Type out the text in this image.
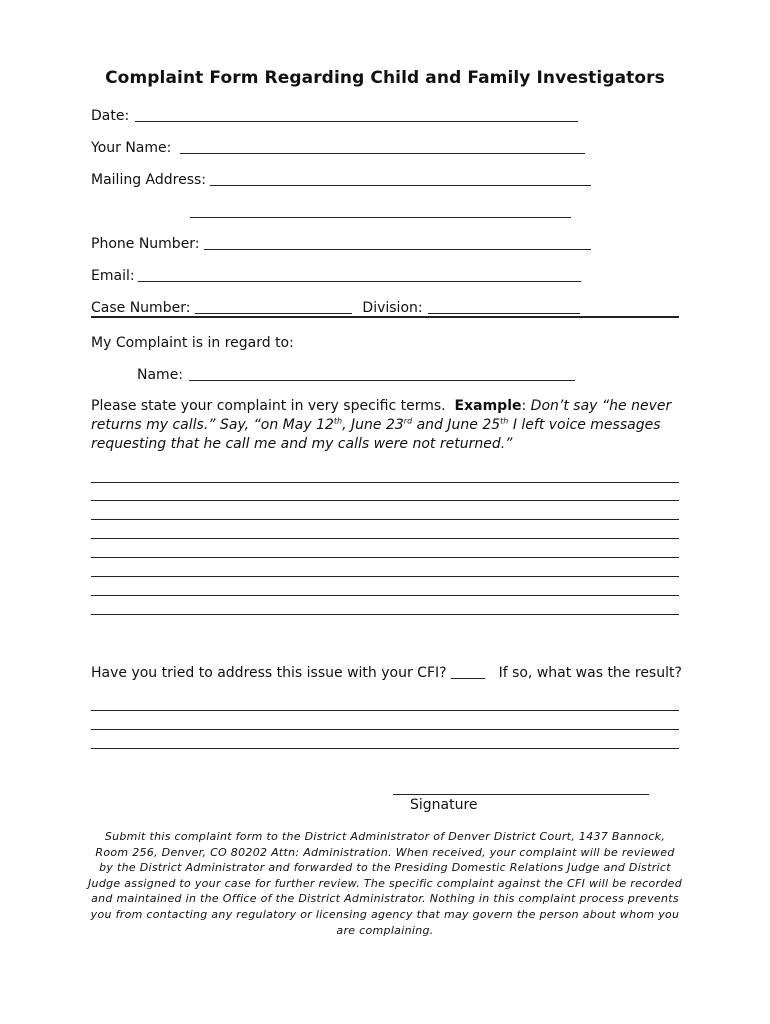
Complaint Form Regarding Child and Family Investigators
Date:
Your Name:
Mailing Address:
Phone Number:
Email:
Case Number:	Division:
My Complaint is in regard to:
Name:
Please state your complaint in very specific terms. Example: Don’t say “he never returns my calls.” Say, “on May 12th, June 23rd and June 25th I left voice messages requesting that he call me and my calls were not returned.”
Have you tried to address this issue with your CFI?	If so, what was the result?
Signature
Submit this complaint form to the District Administrator of Denver District Court, 1437 Bannock, Room 256, Denver, CO 80202 Attn: Administration. When received, your complaint will be reviewed by the District Administrator and forwarded to the Presiding Domestic Relations Judge and District Judge assigned to your case for further review. The specific complaint against the CFI will be recorded and maintained in the Office of the District Administrator. Nothing in this complaint process prevents you from contacting any regulatory or licensing agency that may govern the person about whom you are complaining.
